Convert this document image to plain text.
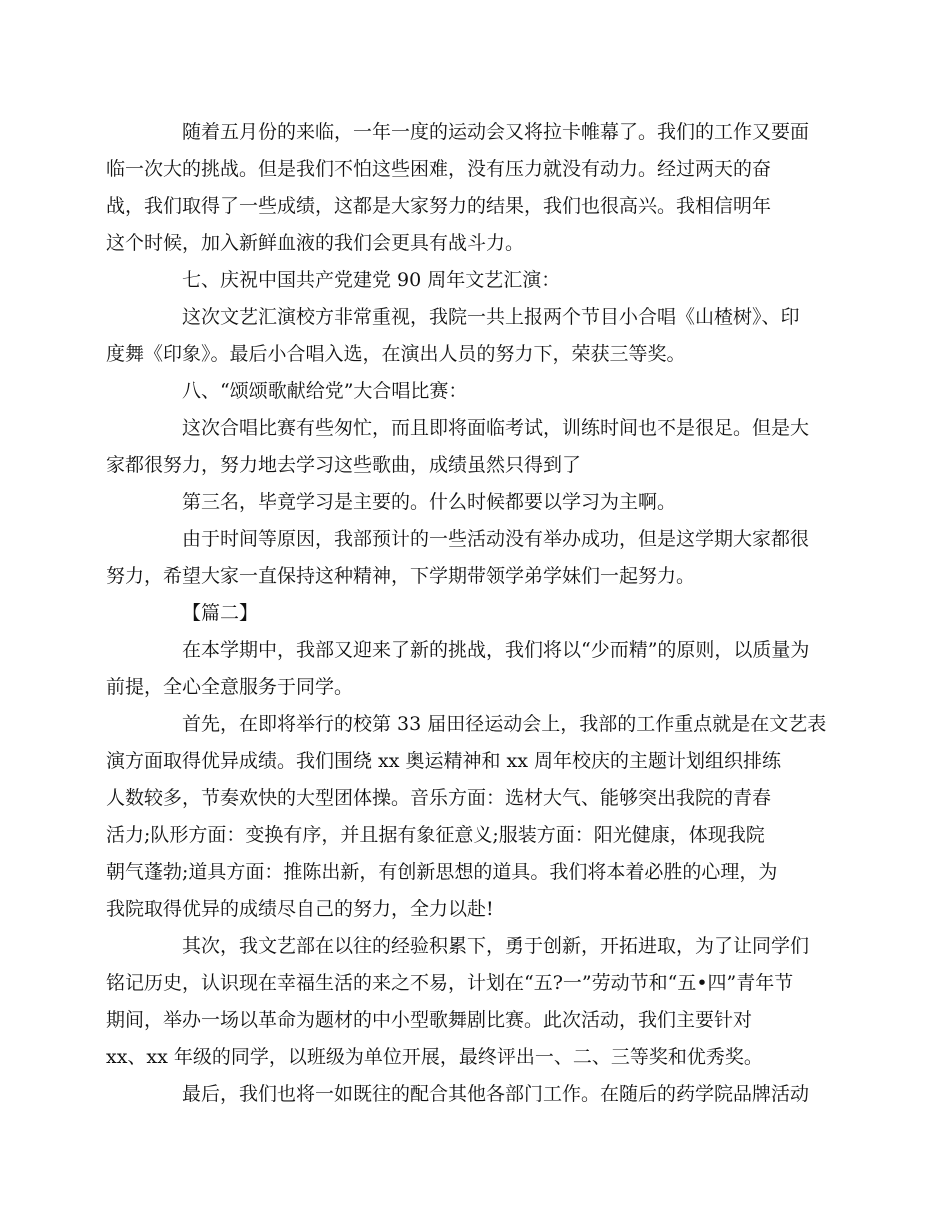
随着五月份的来临，一年一度的运动会又将拉卡帷幕了。我们的工作又要面
临一次大的挑战。但是我们不怕这些困难，没有压力就没有动力。经过两天的奋
战，我们取得了一些成绩，这都是大家努力的结果，我们也很高兴。我相信明年
这个时候，加入新鲜血液的我们会更具有战斗力。

七、庆祝中国共产党建党 90 周年文艺汇演：

这次文艺汇演校方非常重视，我院一共上报两个节目小合唱《山楂树》、印
度舞《印象》。最后小合唱入选，在演出人员的努力下，荣获三等奖。

八、“颂颂歌献给党”大合唱比赛：

这次合唱比赛有些匆忙，而且即将面临考试，训练时间也不是很足。但是大
家都很努力，努力地去学习这些歌曲，成绩虽然只得到了

第三名，毕竟学习是主要的。什么时候都要以学习为主啊。

由于时间等原因，我部预计的一些活动没有举办成功，但是这学期大家都很
努力，希望大家一直保持这种精神，下学期带领学弟学妹们一起努力。

【篇二】

在本学期中，我部又迎来了新的挑战，我们将以“少而精”的原则，以质量为
前提，全心全意服务于同学。

首先，在即将举行的校第 33 届田径运动会上，我部的工作重点就是在文艺表
演方面取得优异成绩。我们围绕 xx 奥运精神和 xx 周年校庆的主题计划组织排练
人数较多，节奏欢快的大型团体操。音乐方面：选材大气、能够突出我院的青春
活力;队形方面：变换有序，并且据有象征意义;服装方面：阳光健康，体现我院
朝气蓬勃;道具方面：推陈出新，有创新思想的道具。我们将本着必胜的心理，为
我院取得优异的成绩尽自己的努力，全力以赴!

其次，我文艺部在以往的经验积累下，勇于创新，开拓进取，为了让同学们
铭记历史，认识现在幸福生活的来之不易，计划在“五?一”劳动节和“五•四”青年节
期间，举办一场以革命为题材的中小型歌舞剧比赛。此次活动，我们主要针对
xx、xx 年级的同学，以班级为单位开展，最终评出一、二、三等奖和优秀奖。

最后，我们也将一如既往的配合其他各部门工作。在随后的药学院品牌活动
